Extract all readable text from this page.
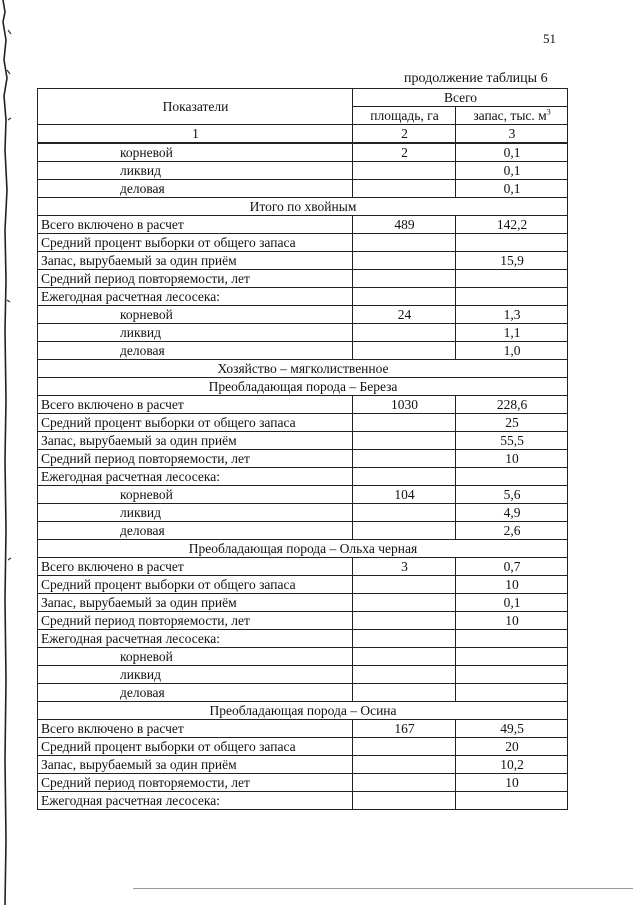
51
продолжение таблицы 6
Показатели	Всего	
	площадь, га	запас, тыс. $м^3$
1	2	3
корневой	2	0,1
ликвид		0,1
деловая		0,1
Итого по хвойным		
Всего включено в расчет	489	142,2
Средний процент выборки от общего запаса		
Запас, вырубаемый за один приём		15,9
Средний период повторяемости, лет		
Ежегодная расчетная лесосека:		
корневой	24	1,3
ликвид		1,1
деловая		1,0
Хозяйство – мягколиственное		
Преобладающая порода – Береза		
Всего включено в расчет	1030	228,6
Средний процент выборки от общего запаса		25
Запас, вырубаемый за один приём		55,5
Средний период повторяемости, лет		10
Ежегодная расчетная лесосека:		
корневой	104	5,6
ликвид		4,9
деловая		2,6
Преобладающая порода – Ольха черная		
Всего включено в расчет	3	0,7
Средний процент выборки от общего запаса		10
Запас, вырубаемый за один приём		0,1
Средний период повторяемости, лет		10
Ежегодная расчетная лесосека:		
корневой		
ликвид		
деловая		
Преобладающая порода – Осина		
Всего включено в расчет	167	49,5
Средний процент выборки от общего запаса		20
Запас, вырубаемый за один приём		10,2
Средний период повторяемости, лет		10
Ежегодная расчетная лесосека:		
